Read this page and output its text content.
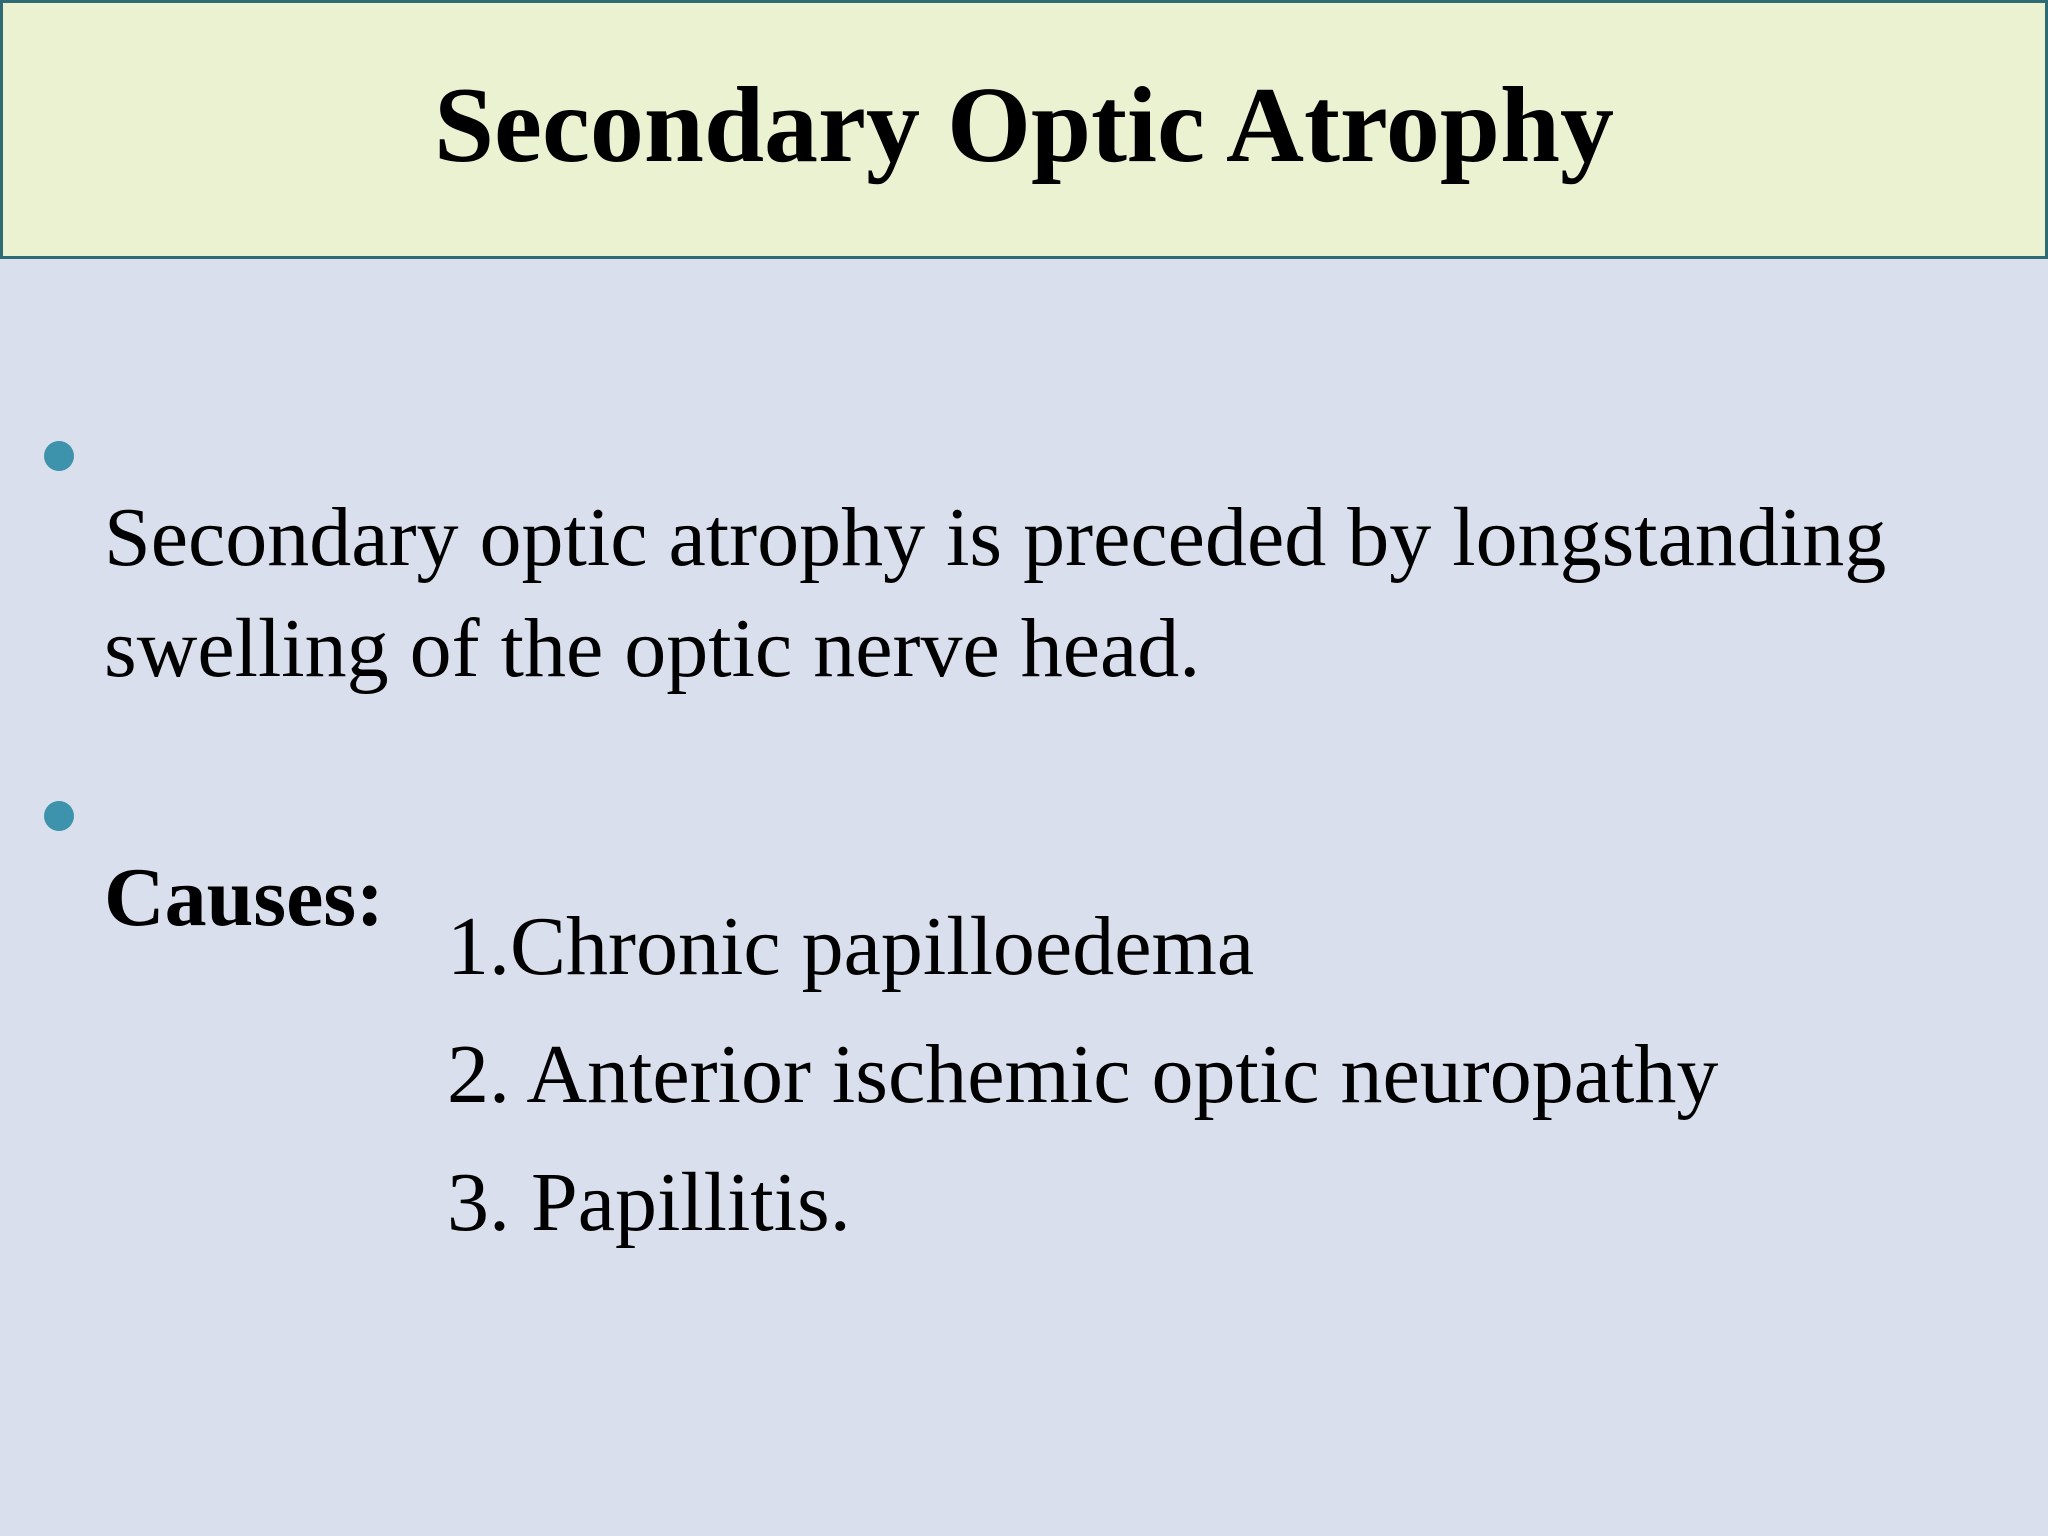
Secondary Optic Atrophy

Secondary optic atrophy is preceded by longstanding swelling of the optic nerve head.

Causes:

1.Chronic papilloedema
2. Anterior ischemic optic neuropathy
3. Papillitis.
